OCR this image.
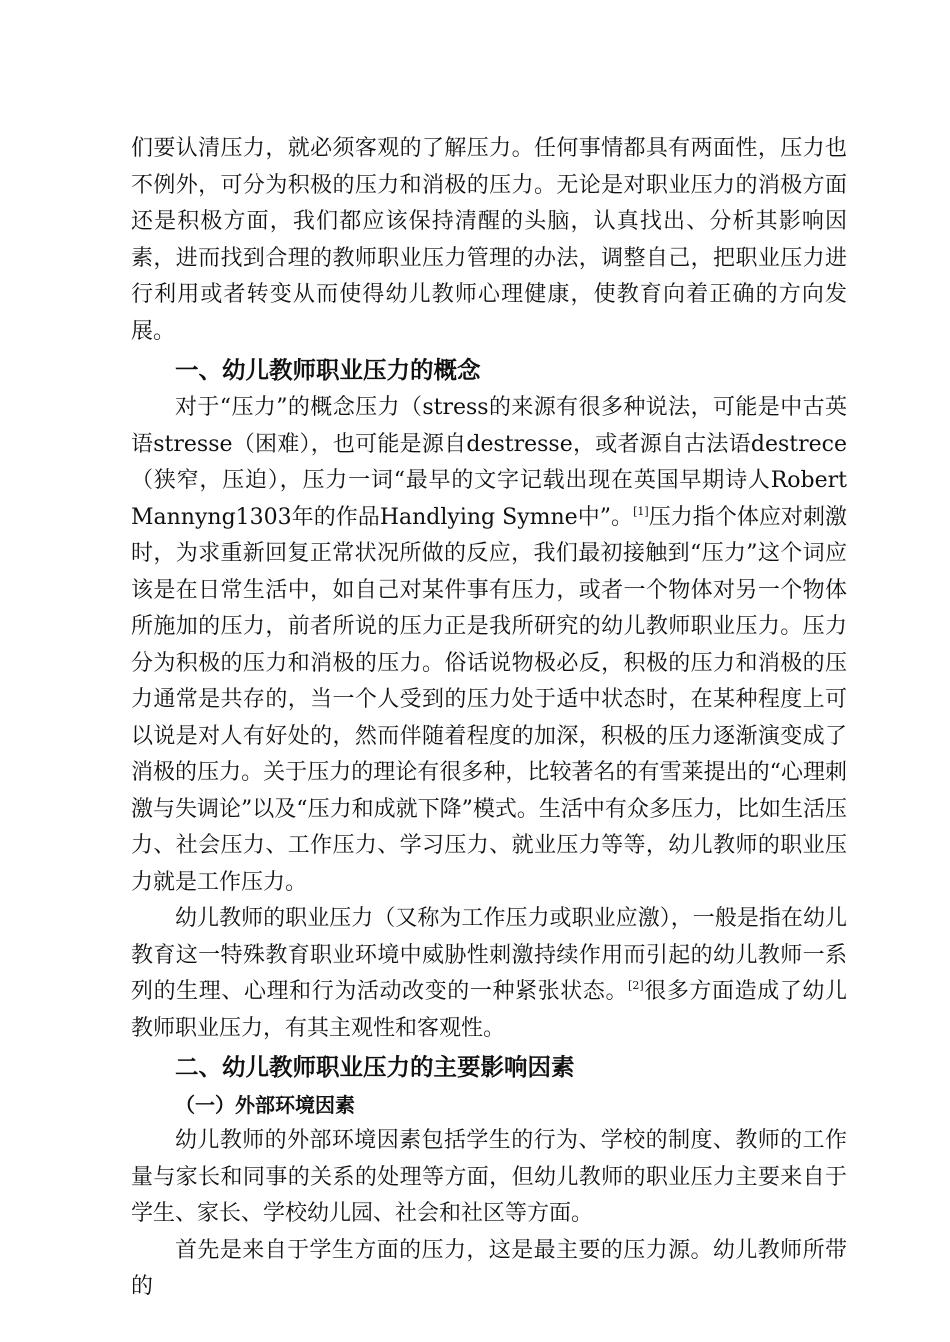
们要认清压力，就必须客观的了解压力。任何事情都具有两面性，压力也不例外，可分为积极的压力和消极的压力。无论是对职业压力的消极方面还是积极方面，我们都应该保持清醒的头脑，认真找出、分析其影响因素，进而找到合理的教师职业压力管理的办法，调整自己，把职业压力进行利用或者转变从而使得幼儿教师心理健康，使教育向着正确的方向发展。

一、幼儿教师职业压力的概念

对于“压力”的概念压力（stress的来源有很多种说法，可能是中古英语stresse（困难），也可能是源自destresse，或者源自古法语destrece（狭窄，压迫），压力一词“最早的文字记载出现在英国早期诗人Robert Mannyng1303年的作品Handlying Symne中”。[1]压力指个体应对刺激时，为求重新回复正常状况所做的反应，我们最初接触到“压力”这个词应该是在日常生活中，如自己对某件事有压力，或者一个物体对另一个物体所施加的压力，前者所说的压力正是我所研究的幼儿教师职业压力。压力分为积极的压力和消极的压力。俗话说物极必反，积极的压力和消极的压力通常是共存的，当一个人受到的压力处于适中状态时，在某种程度上可以说是对人有好处的，然而伴随着程度的加深，积极的压力逐渐演变成了消极的压力。关于压力的理论有很多种，比较著名的有雪莱提出的“心理刺激与失调论”以及“压力和成就下降”模式。生活中有众多压力，比如生活压力、社会压力、工作压力、学习压力、就业压力等等，幼儿教师的职业压力就是工作压力。

幼儿教师的职业压力（又称为工作压力或职业应激），一般是指在幼儿教育这一特殊教育职业环境中威胁性刺激持续作用而引起的幼儿教师一系列的生理、心理和行为活动改变的一种紧张状态。[2]很多方面造成了幼儿教师职业压力，有其主观性和客观性。

二、幼儿教师职业压力的主要影响因素
（一）外部环境因素

幼儿教师的外部环境因素包括学生的行为、学校的制度、教师的工作量与家长和同事的关系的处理等方面，但幼儿教师的职业压力主要来自于学生、家长、学校幼儿园、社会和社区等方面。

首先是来自于学生方面的压力，这是最主要的压力源。幼儿教师所带的
